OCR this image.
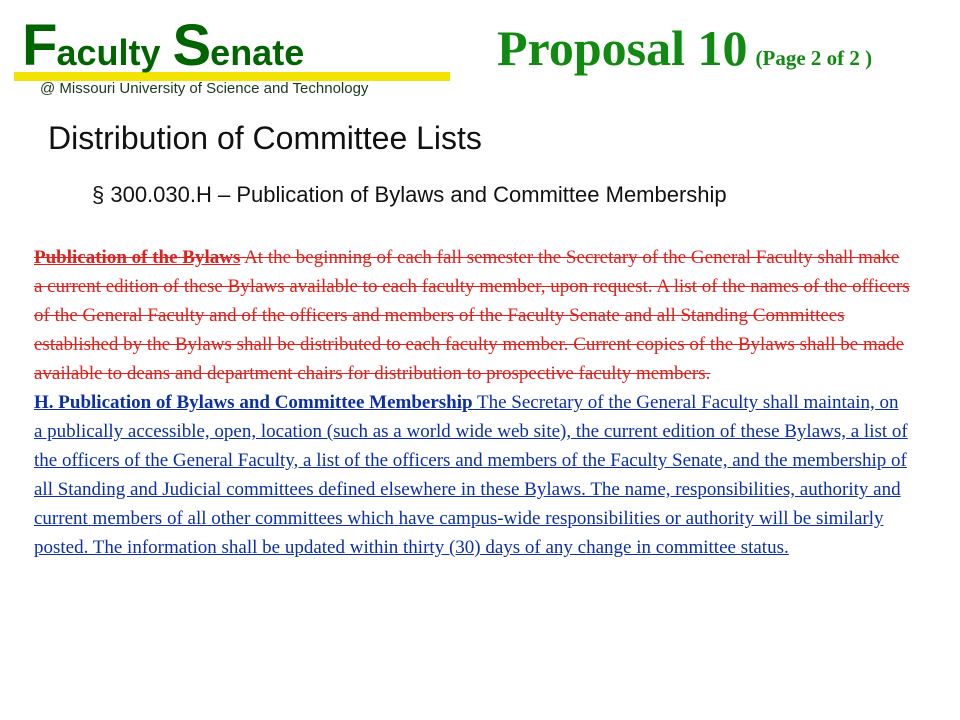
Faculty Senate
@ Missouri University of Science and Technology
Proposal 10 (Page 2 of 2 )
Distribution of Committee Lists
§ 300.030.H – Publication of Bylaws and Committee Membership

Publication of the Bylaws At the beginning of each fall semester the Secretary of the General Faculty shall make a current edition of these Bylaws available to each faculty member, upon request. A list of the names of the officers of the General Faculty and of the officers and members of the Faculty Senate and all Standing Committees established by the Bylaws shall be distributed to each faculty member. Current copies of the Bylaws shall be made available to deans and department chairs for distribution to prospective faculty members.

H. Publication of Bylaws and Committee Membership The Secretary of the General Faculty shall maintain, on a publically accessible, open, location (such as a world wide web site), the current edition of these Bylaws, a list of the officers of the General Faculty, a list of the officers and members of the Faculty Senate, and the membership of all Standing and Judicial committees defined elsewhere in these Bylaws. The name, responsibilities, authority and current members of all other committees which have campus-wide responsibilities or authority will be similarly posted. The information shall be updated within thirty (30) days of any change in committee status.
